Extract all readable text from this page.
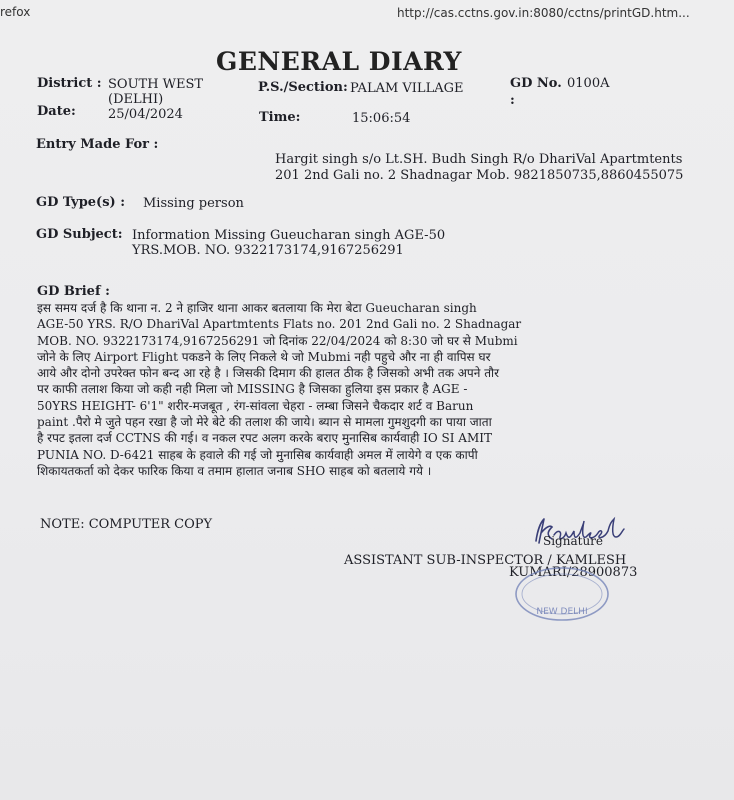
refox	http://cas.cctns.gov.in:8080/cctns/printGD.htm...
GENERAL DIARY
District : SOUTH WEST
(DELHI)
P.S./Section: PALAM VILLAGE	GD No. 0100A
:
Date: 25/04/2024	Time:	15:06:54
Entry Made For :
Hargit singh s/o Lt.SH. Budh Singh R/o DhariVal Apartmtents
201 2nd Gali no. 2 Shadnagar Mob. 9821850735,8860455075
GD Type(s) : Missing person
GD Subject: Information Missing Gueucharan singh AGE-50
YRS.MOB. NO. 9322173174,9167256291
GD Brief :
इस समय दर्ज है कि थाना न. 2 ने हाजिर थाना आकर बतलाया कि मेरा बेटा Gueucharan singh
AGE-50 YRS. R/O DhariVal Apartmtents Flats no. 201 2nd Gali no. 2 Shadnagar
MOB. NO. 9322173174,9167256291 जो दिनांक 22/04/2024 को 8:30 जो घर से Mubmi
जोने के लिए Airport Flight पकडने के लिए निकले थे जो Mubmi नही पहुचे और ना ही वापिस घर
आये और दोनो उपरेक्त फोन बन्द आ रहे है । जिसकी दिमाग की हालत ठीक है जिसको अभी तक अपने तौर
पर काफी तलाश किया जो कही नही मिला जो MISSING है जिसका हुलिया इस प्रकार है AGE -
50YRS HEIGHT- 6'1" शरीर-मजबूत , रंग-सांवला चेहरा - लम्बा जिसने चैकदार शर्ट व Barun
paint .पैरो मे जुते पहन रखा है जो मेरे बेटे की तलाश की जाये। ब्यान से मामला गुमशुदगी का पाया जाता
है रपट इतला दर्ज CCTNS की गई। व नकल रपट अलग करके बराए मुनासिब कार्यवाही IO SI AMIT
PUNIA NO. D-6421 साहब के हवाले की गई जो मुनासिब कार्यवाही अमल में लायेगे व एक कापी
शिकायतकर्ता को देकर फारिक किया व तमाम हालात जनाब SHO साहब को बतलाये गये ।
NOTE: COMPUTER COPY
Signature
ASSISTANT SUB-INSPECTOR / KAMLESH
KUMARI/28900873
NEW DELHI
